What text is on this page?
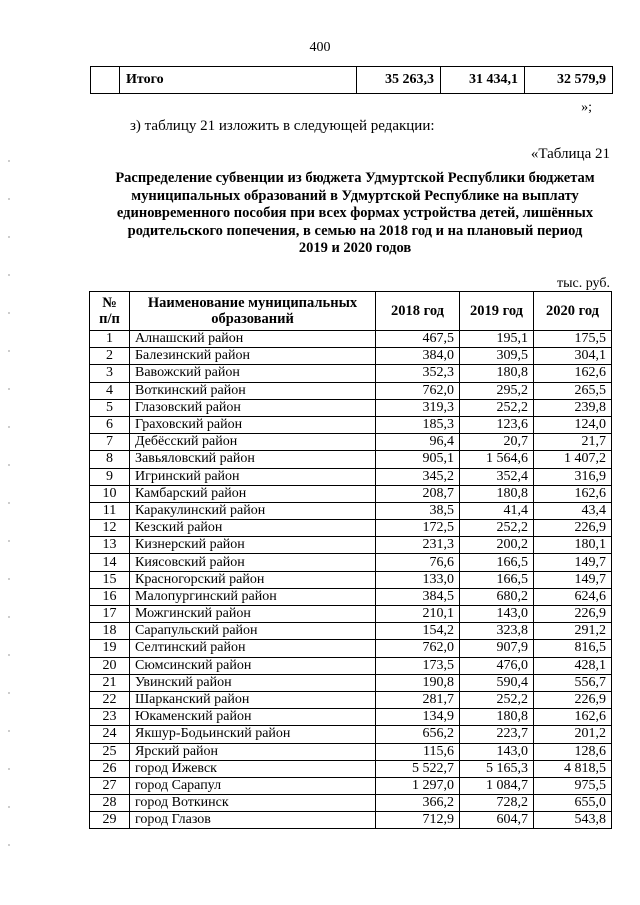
400
	Итого	35 263,3	31 434,1	32 579,9
»;
з) таблицу 21 изложить в следующей редакции:
«Таблица 21
Распределение субвенции из бюджета Удмуртской Республики бюджетам
муниципальных образований в Удмуртской Республике на выплату
единовременного пособия при всех формах устройства детей, лишённых
родительского попечения, в семью на 2018 год и на плановый период
2019 и 2020 годов
тыс. руб.
№ п/п	Наименование муниципальных образований	2018 год	2019 год	2020 год
1	Алнашский район	467,5	195,1	175,5
2	Балезинский район	384,0	309,5	304,1
3	Вавожский район	352,3	180,8	162,6
4	Воткинский район	762,0	295,2	265,5
5	Глазовский район	319,3	252,2	239,8
6	Граховский район	185,3	123,6	124,0
7	Дебёсский район	96,4	20,7	21,7
8	Завьяловский район	905,1	1 564,6	1 407,2
9	Игринский район	345,2	352,4	316,9
10	Камбарский район	208,7	180,8	162,6
11	Каракулинский район	38,5	41,4	43,4
12	Кезский район	172,5	252,2	226,9
13	Кизнерский район	231,3	200,2	180,1
14	Киясовский район	76,6	166,5	149,7
15	Красногорский район	133,0	166,5	149,7
16	Малопургинский район	384,5	680,2	624,6
17	Можгинский район	210,1	143,0	226,9
18	Сарапульский район	154,2	323,8	291,2
19	Селтинский район	762,0	907,9	816,5
20	Сюмсинский район	173,5	476,0	428,1
21	Увинский район	190,8	590,4	556,7
22	Шарканский район	281,7	252,2	226,9
23	Юкаменский район	134,9	180,8	162,6
24	Якшур-Бодьинский район	656,2	223,7	201,2
25	Ярский район	115,6	143,0	128,6
26	город Ижевск	5 522,7	5 165,3	4 818,5
27	город Сарапул	1 297,0	1 084,7	975,5
28	город Воткинск	366,2	728,2	655,0
29	город Глазов	712,9	604,7	543,8
